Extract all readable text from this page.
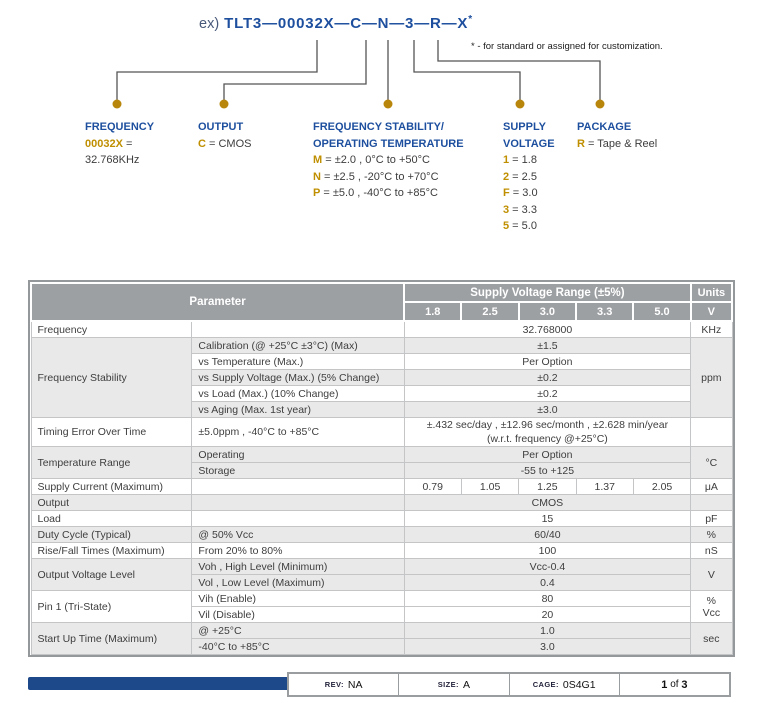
ex) TLT3—00032X—C—N—3—R—X*
* - for standard or assigned for customization.
FREQUENCY
00032X =
32.768KHz
OUTPUT
C = CMOS
FREQUENCY STABILITY/
OPERATING TEMPERATURE
M = ±2.0 , 0°C to +50°C
N = ±2.5 , -20°C to +70°C
P = ±5.0 , -40°C to +85°C
SUPPLY
VOLTAGE
1 = 1.8
2 = 2.5
F = 3.0
3 = 3.3
5 = 5.0
PACKAGE
R = Tape & Reel
Parameter		Supply Voltage Range (±5%)					Units
		1.8	2.5	3.0	3.3	5.0	V
Frequency		32.768000					KHz
Frequency Stability	Calibration (@ +25°C ±3°C) (Max)	±1.5					ppm
	vs Temperature (Max.)	Per Option					
	vs Supply Voltage (Max.) (5% Change)	±0.2					
	vs Load (Max.) (10% Change)	±0.2					
	vs Aging (Max. 1st year)	±3.0					
Timing Error Over Time	±5.0ppm , -40°C to +85°C	±.432 sec/day , ±12.96 sec/month , ±2.628 min/year
(w.r.t. frequency @+25°C)					

Temperature Range	Operating	Per Option					°C
	Storage	-55 to +125					
Supply Current (Maximum)		0.79	1.05	1.25	1.37	2.05	μA
Output		CMOS					
Load		15					pF
Duty Cycle (Typical)	@ 50% Vcc	60/40					%
Rise/Fall Times (Maximum)	From 20% to 80%	100					nS
Output Voltage Level	Voh , High Level (Minimum)	Vcc-0.4					V
	Vol , Low Level (Maximum)	0.4					
Pin 1 (Tri-State)	Vih (Enable)	80					% Vcc
	Vil (Disable)	20					
Start Up Time (Maximum)	@ +25°C	1.0					sec
	-40°C to +85°C	3.0					
REV: NA	SIZE: A	CAGE: 0S4G1	1
of
3
